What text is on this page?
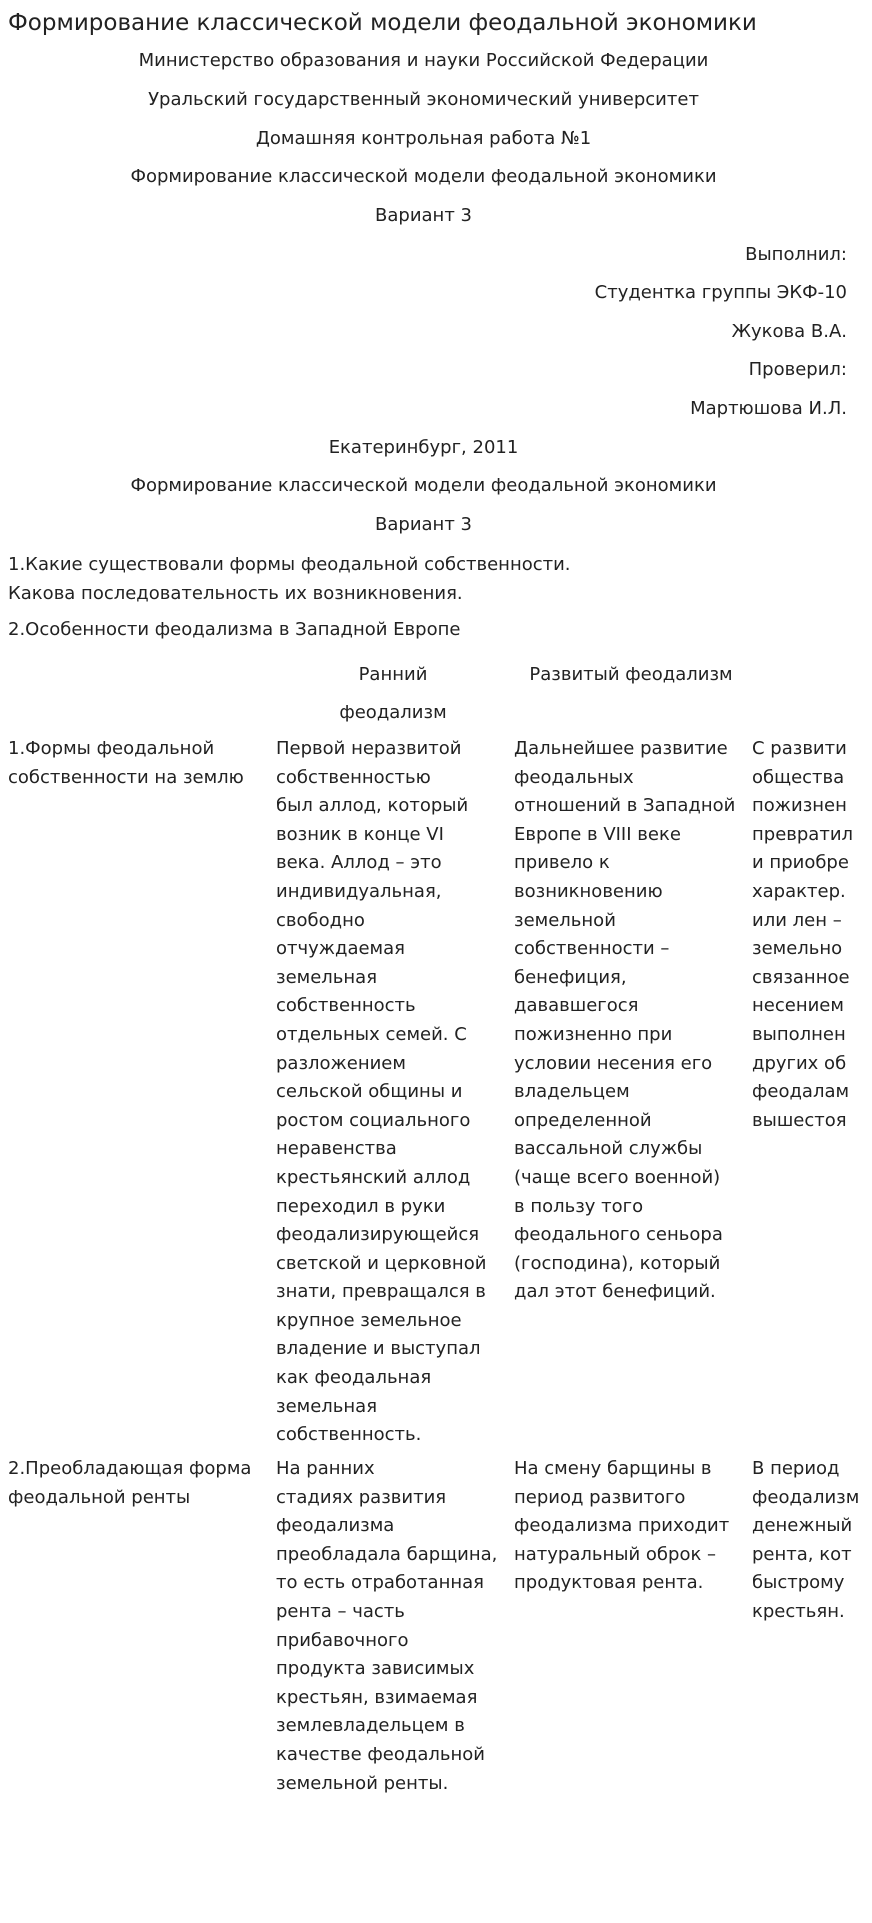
Формирование классической модели феодальной экономики
Министерство образования и науки Российской Федерации
Уральский государственный экономический университет
Домашняя контрольная работа №1
Формирование классической модели феодальной экономики
Вариант 3
Выполнил:
Студентка группы ЭКФ-10
Жукова В.А.
Проверил:
Мартюшова И.Л.
Екатеринбург, 2011
Формирование классической модели феодальной экономики
Вариант 3
1.Какие существовали формы феодальной собственности.
Какова последовательность их возникновения.
2.Особенности феодализма в Западной Европе
Ранний
феодализм
Развитый феодализм
1.Формы феодальной
собственности на землю
Первой неразвитой
собственностью
был аллод, который
возник в конце VI
века. Аллод – это
индивидуальная,
свободно
отчуждаемая
земельная
собственность
отдельных семей. С
разложением
сельской общины и
ростом социального
неравенства
крестьянский аллод
переходил в руки
феодализирующейся
светской и церковной
знати, превращался в
крупное земельное
владение и выступал
как феодальная
земельная
собственность.
Дальнейшее развитие
феодальных
отношений в Западной
Европе в VIII веке
привело к
возникновению
земельной
собственности –
бенефиция,
дававшегося
пожизненно при
условии несения его
владельцем
определенной
вассальной службы
(чаще всего военной)
в пользу того
феодального сеньора
(господина), который
дал этот бенефиций.
С развити
общества
пожизнен
превратил
и приобре
характер.
или лен –
земельно
связанное
несением
выполнен
других об
феодалам
вышестоя
2.Преобладающая форма
феодальной ренты
На ранних
стадиях развития
феодализма
преобладала барщина,
то есть отработанная
рента – часть
прибавочного
продукта зависимых
крестьян, взимаемая
землевладельцем в
качестве феодальной
земельной ренты.
На смену барщины в
период развитого
феодализма приходит
натуральный оброк –
продуктовая рента.
В период
феодализм
денежный
рента, кот
быстрому
крестьян.
